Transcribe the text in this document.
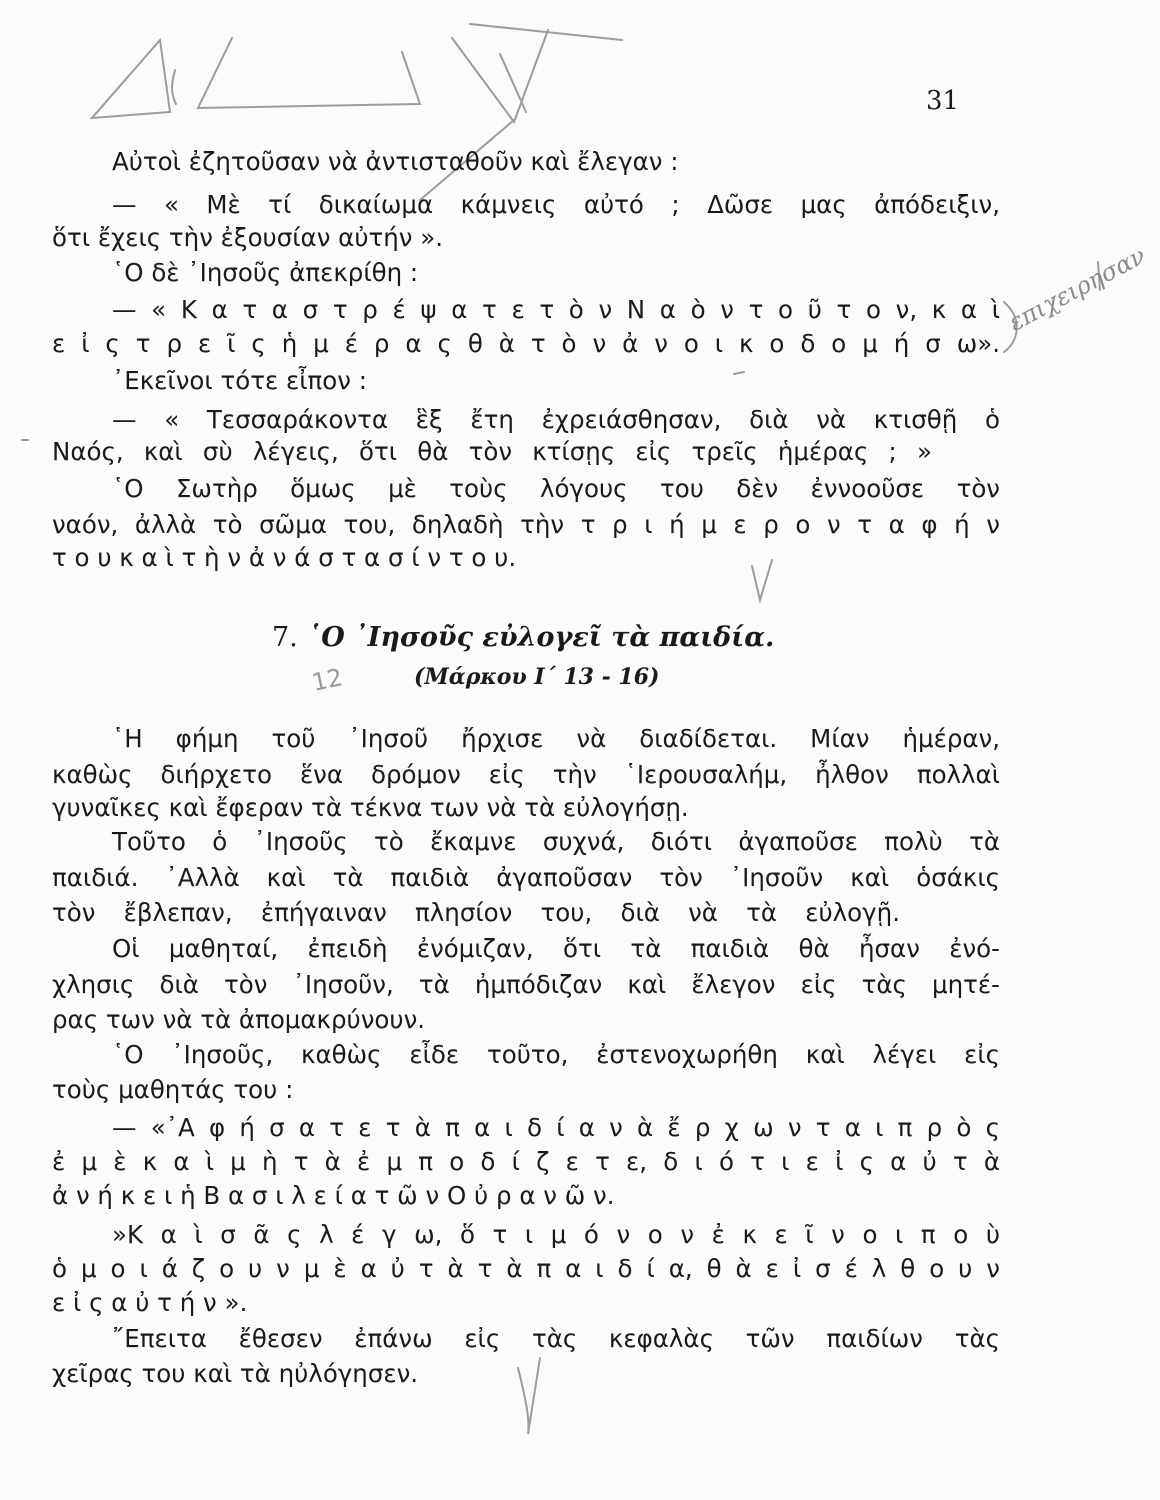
31
επιχειρησαν
Αὐτοὶ ἐζητοῦσαν νὰ ἀντισταθοῦν καὶ ἔλεγαν :
— « Μὲ τί δικαίωμα κάμνεις αὐτό ; Δῶσε μας ἀπόδειξιν,
ὅτι ἔχεις τὴν ἐξουσίαν αὐτήν ».
῾Ο δὲ ᾿Ιησοῦς ἀπεκρίθη :
— « Κ α τ α σ τ ρ έ ψ α τ ε τ ὸ ν Ν α ὸ ν τ ο ῦ τ ο ν, κ α ὶ
ε ἰ ς τ ρ ε ῖ ς ἡ μ έ ρ α ς θ ὰ τ ὸ ν ἀ ν ο ι κ ο δ ο μ ή σ ω».
᾿Εκεῖνοι τότε εἶπον :
— « Τεσσαράκοντα ἓξ ἔτη ἐχρειάσθησαν, διὰ νὰ κτισθῇ ὁ
Ναός, καὶ σὺ λέγεις, ὅτι θὰ τὸν κτίσῃς εἰς τρεῖς ἡμέρας ; »
῾Ο Σωτὴρ ὅμως μὲ τοὺς λόγους του δὲν ἐννοοῦσε τὸν
ναόν, ἀλλὰ τὸ σῶμα του, δηλαδὴ τὴν τ ρ ι ή μ ε ρ ο ν τ α φ ή ν
τ ο υ κ α ὶ τ ὴ ν ἀ ν ά σ τ α σ ί ν τ ο υ.
7. ῾Ο ᾿Ιησοῦς εὐλογεῖ τὰ παιδία.
12	(Μάρκου Ι΄ 13 - 16)
῾Η φήμη τοῦ ᾿Ιησοῦ ἤρχισε νὰ διαδίδεται. Μίαν ἡμέραν,
καθὼς διήρχετο ἕνα δρόμον εἰς τὴν ῾Ιερουσαλήμ, ἦλθον πολλαὶ
γυναῖκες καὶ ἔφεραν τὰ τέκνα των νὰ τὰ εὐλογήσῃ.
Τοῦτο ὁ ᾿Ιησοῦς τὸ ἔκαμνε συχνά, διότι ἀγαποῦσε πολὺ τὰ
παιδιά. ᾿Αλλὰ καὶ τὰ παιδιὰ ἀγαποῦσαν τὸν ᾿Ιησοῦν καὶ ὁσάκις
τὸν ἔβλεπαν, ἐπήγαιναν πλησίον του, διὰ νὰ τὰ εὐλογῇ.
Οἱ μαθηταί, ἐπειδὴ ἐνόμιζαν, ὅτι τὰ παιδιὰ θὰ ἦσαν ἐνό-
χλησις διὰ τὸν ᾿Ιησοῦν, τὰ ἠμπόδιζαν καὶ ἔλεγον εἰς τὰς μητέ-
ρας των νὰ τὰ ἀπομακρύνουν.
῾Ο ᾿Ιησοῦς, καθὼς εἶδε τοῦτο, ἐστενοχωρήθη καὶ λέγει εἰς
τοὺς μαθητάς του :
— «᾿Α φ ή σ α τ ε τ ὰ π α ι δ ί α ν ὰ ἔ ρ χ ω ν τ α ι π ρ ὸ ς
ἐ μ ὲ κ α ὶ μ ὴ τ ὰ ἐ μ π ο δ ί ζ ε τ ε, δ ι ό τ ι ε ἰ ς α ὐ τ ὰ
ἀ ν ή κ ε ι ἡ Β α σ ι λ ε ί α τ ῶ ν Ο ὐ ρ α ν ῶ ν.
»Κ α ὶ σ ᾶ ς λ έ γ ω, ὅ τ ι μ ό ν ο ν ἐ κ ε ῖ ν ο ι π ο ὺ
ὁ μ ο ι ά ζ ο υ ν μ ὲ α ὐ τ ὰ τ ὰ π α ι δ ί α, θ ὰ ε ἰ σ έ λ θ ο υ ν
ε ἰ ς α ὐ τ ή ν ».
῎Επειτα ἔθεσεν ἐπάνω εἰς τὰς κεφαλὰς τῶν παιδίων τὰς
χεῖρας του καὶ τὰ ηὐλόγησεν.
